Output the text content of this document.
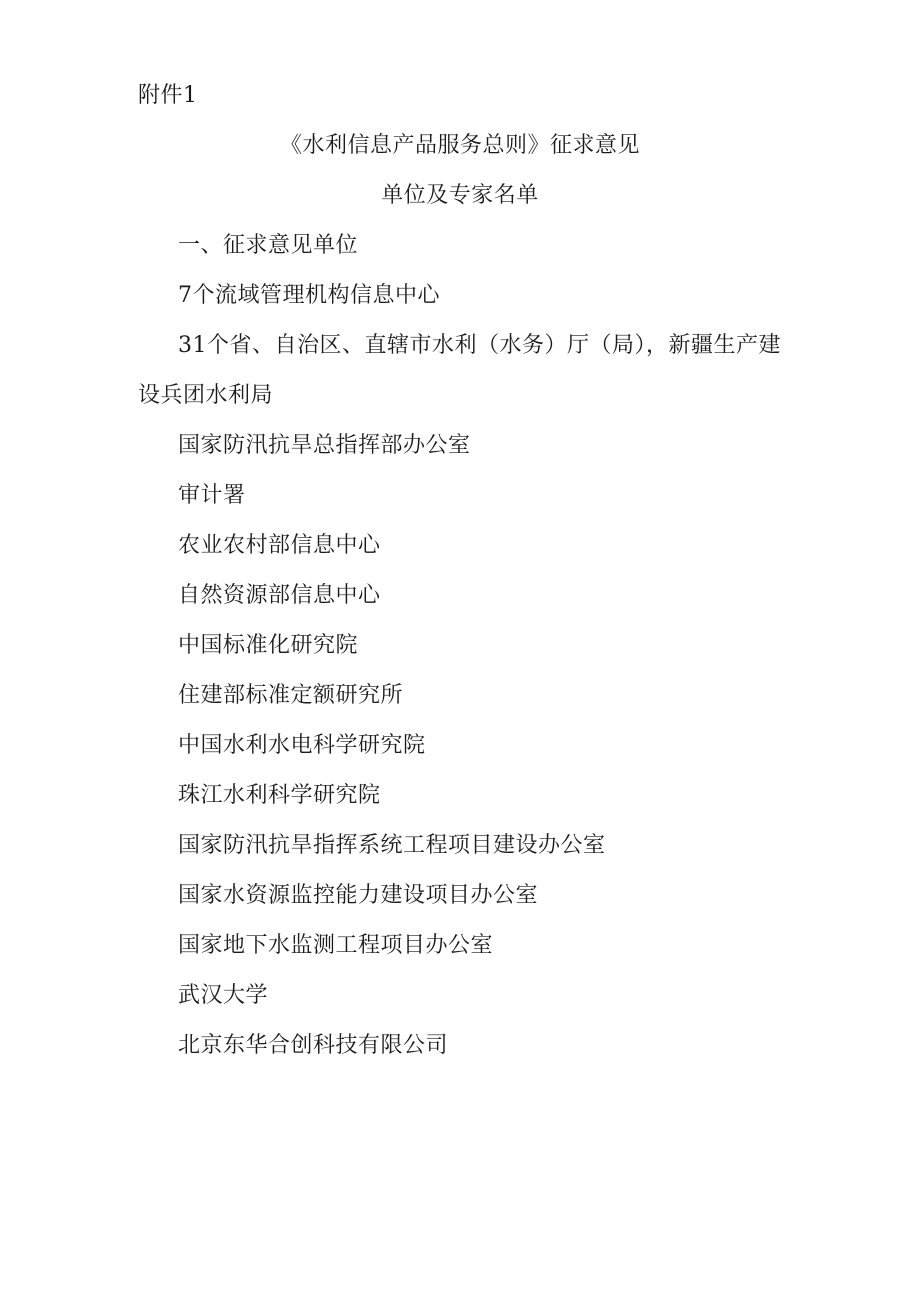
附件1
《水利信息产品服务总则》征求意见
单位及专家名单
一、征求意见单位
7个流域管理机构信息中心
31个省、自治区、直辖市水利（水务）厅（局），新疆生产建
设兵团水利局
国家防汛抗旱总指挥部办公室
审计署
农业农村部信息中心
自然资源部信息中心
中国标准化研究院
住建部标准定额研究所
中国水利水电科学研究院
珠江水利科学研究院
国家防汛抗旱指挥系统工程项目建设办公室
国家水资源监控能力建设项目办公室
国家地下水监测工程项目办公室
武汉大学
北京东华合创科技有限公司
